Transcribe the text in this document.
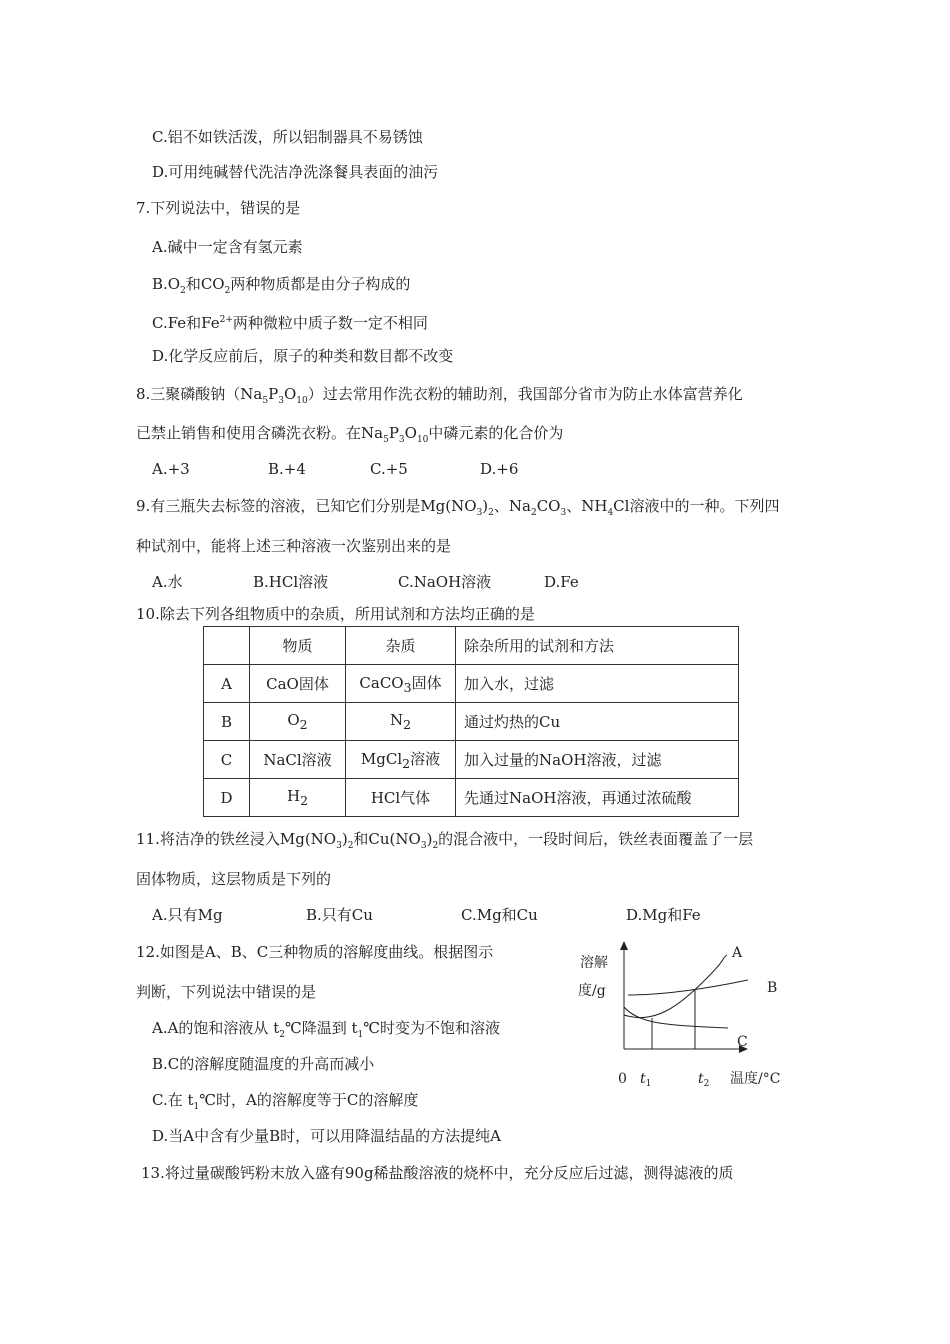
C.铝不如铁活泼，所以铝制器具不易锈蚀
D.可用纯碱替代洗洁净洗涤餐具表面的油污
7.下列说法中，错误的是
A.碱中一定含有氢元素
$B.O_2$和$CO_2$两种物质都是由分子构成的
C.Fe和$Fe^{2+}$两种微粒中质子数一定不相同
D.化学反应前后，原子的种类和数目都不改变
8.三聚磷酸钠$(Na_5P_3O_{10})$过去常用作洗衣粉的辅助剂，我国部分省市为防止水体富营养化
已禁止销售和使用含磷洗衣粉。在$Na_5P_3O_{10}$中磷元素的化合价为
A.+3	B.+4	C.+5	D.+6
9.有三瓶失去标签的溶液，已知它们分别是$Mg(NO_3)_2$、$Na_2CO_3$、$NH_4Cl$溶液中的一种。下列四
种试剂中，能将上述三种溶液一次鉴别出来的是
A.水	B.HCl溶液	C.NaOH溶液	D.Fe
10.除去下列各组物质中的杂质，所用试剂和方法均正确的是
	物质	杂质	除杂所用的试剂和方法
A	CaO固体	CaCO$_3$固体	加入水，过滤
B	$O_2$	$N_2$	通过灼热的Cu
C	NaCl溶液	MgCl$_2$溶液	加入过量的NaOH溶液，过滤
D	$H_2$	HCl气体	先通过NaOH溶液，再通过浓硫酸
11.将洁净的铁丝浸入$Mg(NO_3)_2$和$Cu(NO_3)_2$的混合液中，一段时间后，铁丝表面覆盖了一层
固体物质，这层物质是下列的
A.只有Mg	B.只有Cu	C.Mg和Cu	D.Mg和Fe
12.如图是A、B、C三种物质的溶解度曲线。根据图示
判断，下列说法中错误的是
A.A的饱和溶液从 $t_2℃$降温到 $t_1℃$时变为不饱和溶液
B.C的溶解度随温度的升高而减小
C.在 $t_1℃$时，A的溶解度等于C的溶解度
D.当A中含有少量B时，可以用降温结晶的方法提纯A
13.将过量碳酸钙粉末放入盛有90g稀盐酸溶液的烧杯中，充分反应后过滤，测得滤液的质
溶解
度/g
A
B
C
0 $t_1$	$t_2$ 温度/°C
